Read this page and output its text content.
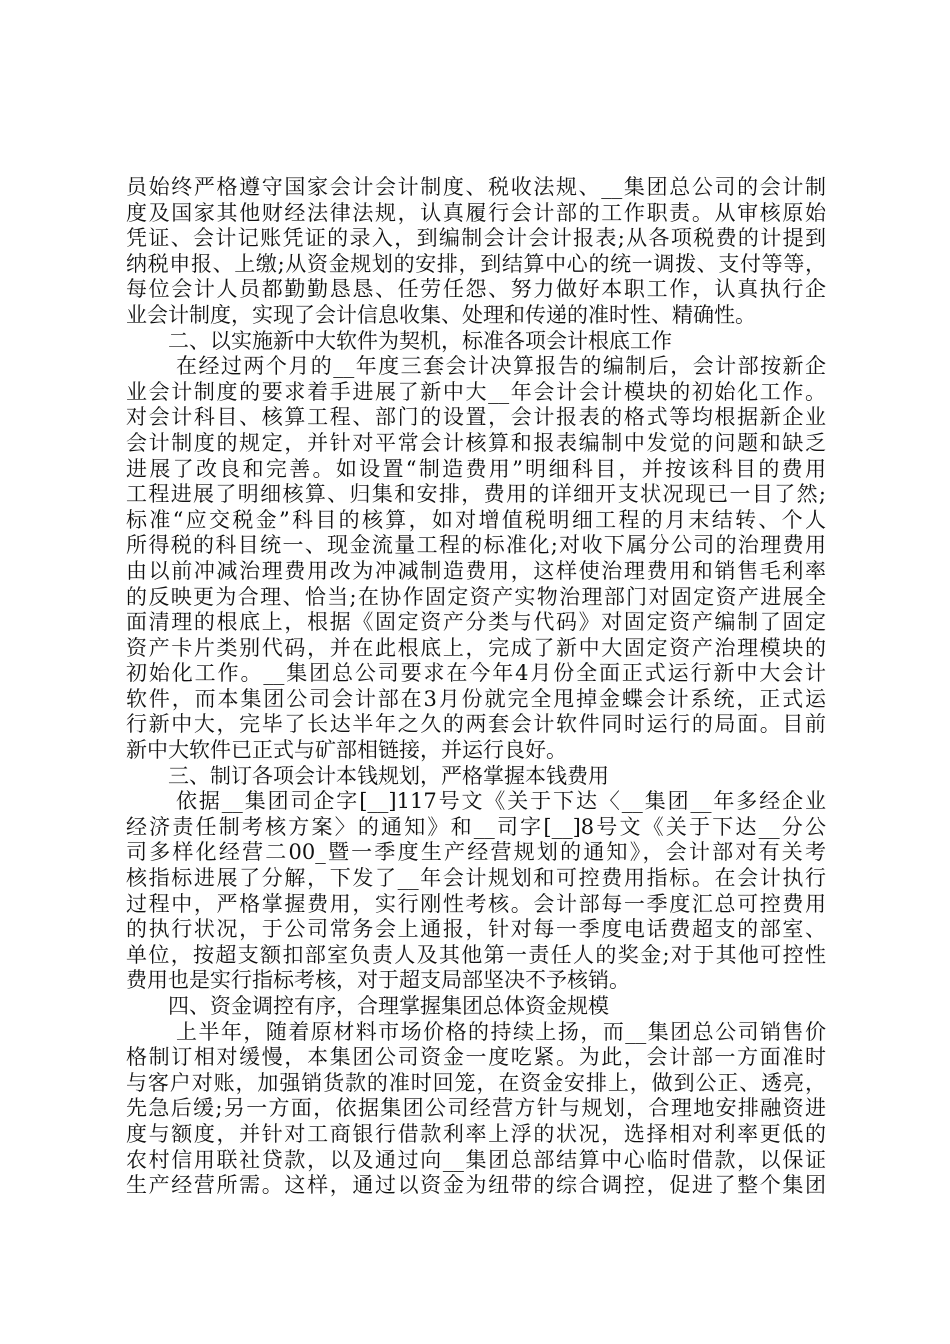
员始终严格遵守国家会计会计制度、税收法规、__集团总公司的会计制
度及国家其他财经法律法规，认真履行会计部的工作职责。从审核原始
凭证、会计记账凭证的录入，到编制会计会计报表;从各项税费的计提到
纳税申报、上缴;从资金规划的安排，到结算中心的统一调拨、支付等等，
每位会计人员都勤勤恳恳、任劳任怨、努力做好本职工作，认真执行企
业会计制度，实现了会计信息收集、处理和传递的准时性、精确性。
二、以实施新中大软件为契机，标准各项会计根底工作
在经过两个月的__年度三套会计决算报告的编制后，会计部按新企
业会计制度的要求着手进展了新中大__年会计会计模块的初始化工作。
对会计科目、核算工程、部门的设置，会计报表的格式等均根据新企业
会计制度的规定，并针对平常会计核算和报表编制中发觉的问题和缺乏
进展了改良和完善。如设置“制造费用”明细科目，并按该科目的费用
工程进展了明细核算、归集和安排，费用的详细开支状况现已一目了然;
标准“应交税金”科目的核算，如对增值税明细工程的月末结转、个人
所得税的科目统一、现金流量工程的标准化;对收下属分公司的治理费用
由以前冲减治理费用改为冲减制造费用，这样使治理费用和销售毛利率
的反映更为合理、恰当;在协作固定资产实物治理部门对固定资产进展全
面清理的根底上，根据《固定资产分类与代码》对固定资产编制了固定
资产卡片类别代码，并在此根底上，完成了新中大固定资产治理模块的
初始化工作。__集团总公司要求在今年4月份全面正式运行新中大会计
软件，而本集团公司会计部在3月份就完全甩掉金蝶会计系统，正式运
行新中大，完毕了长达半年之久的两套会计软件同时运行的局面。目前
新中大软件已正式与矿部相链接，并运行良好。
三、制订各项会计本钱规划，严格掌握本钱费用
依据__集团司企字[__]117号文《关于下达〈__集团__年多经企业
经济责任制考核方案〉的通知》和__司字[__]8号文《关于下达__分公
司多样化经营二00_暨一季度生产经营规划的通知》，会计部对有关考
核指标进展了分解，下发了__年会计规划和可控费用指标。在会计执行
过程中，严格掌握费用，实行刚性考核。会计部每一季度汇总可控费用
的执行状况，于公司常务会上通报，针对每一季度电话费超支的部室、
单位，按超支额扣部室负责人及其他第一责任人的奖金;对于其他可控性
费用也是实行指标考核，对于超支局部坚决不予核销。
四、资金调控有序，合理掌握集团总体资金规模
上半年，随着原材料市场价格的持续上扬，而__集团总公司销售价
格制订相对缓慢，本集团公司资金一度吃紧。为此，会计部一方面准时
与客户对账，加强销货款的准时回笼，在资金安排上，做到公正、透亮，
先急后缓;另一方面，依据集团公司经营方针与规划，合理地安排融资进
度与额度，并针对工商银行借款利率上浮的状况，选择相对利率更低的
农村信用联社贷款，以及通过向__集团总部结算中心临时借款，以保证
生产经营所需。这样，通过以资金为纽带的综合调控，促进了整个集团
